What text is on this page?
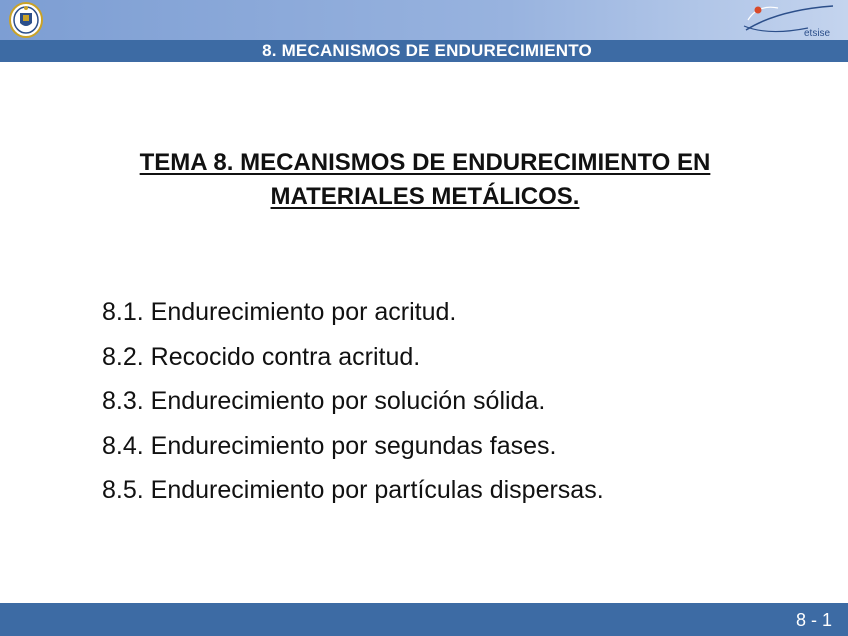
etsise
8. MECANISMOS DE ENDURECIMIENTO
TEMA 8. MECANISMOS DE ENDURECIMIENTO EN
MATERIALES METÁLICOS.
8.1. Endurecimiento por acritud.
8.2. Recocido contra acritud.
8.3. Endurecimiento por solución sólida.
8.4. Endurecimiento por segundas fases.
8.5. Endurecimiento por partículas dispersas.
8 - 1
